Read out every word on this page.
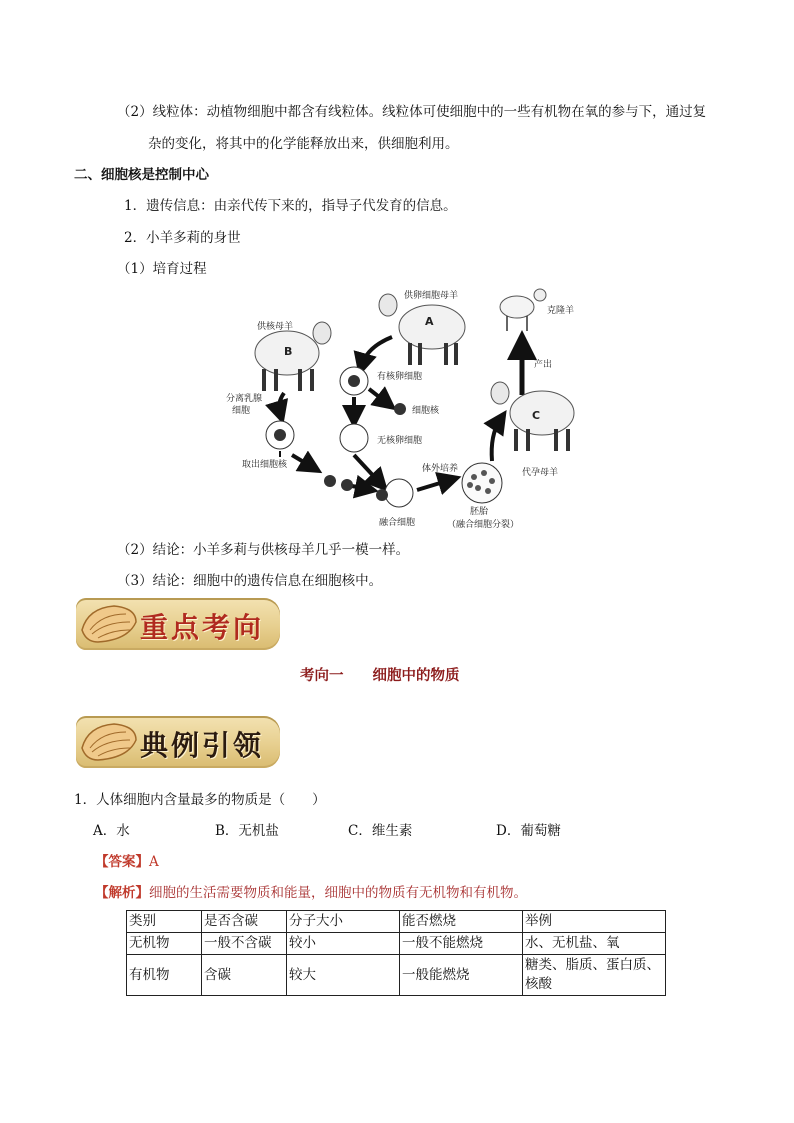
（2）线粒体：动植物细胞中都含有线粒体。线粒体可使细胞中的一些有机物在氧的参与下，通过复
杂的变化，将其中的化学能释放出来，供细胞利用。
二、细胞核是控制中心
1．遗传信息：由亲代传下来的，指导子代发育的信息。
2．小羊多莉的身世
（1）培育过程
供卵细胞母羊
A
克隆羊
供核母羊
B
产出
有核卵细胞
细胞核
无核卵细胞
分离乳腺
细胞
取出细胞核
融合细胞
体外培养
胚胎
（融合细胞分裂）
C
代孕母羊
（2）结论：小羊多莉与供核母羊几乎一模一样。
（3）结论：细胞中的遗传信息在细胞核中。
重点考向
考向一　　细胞中的物质
典例引领
1．人体细胞内含量最多的物质是（　　）
A．水	B．无机盐	C．维生素	D．葡萄糖
【答案】A
【解析】细胞的生活需要物质和能量，细胞中的物质有无机物和有机物。
类别	是否含碳	分子大小	能否燃烧	举例
无机物	一般不含碳	较小	一般不能燃烧	水、无机盐、氧
有机物	含碳	较大	一般能燃烧	糖类、脂质、蛋白质、
核酸
